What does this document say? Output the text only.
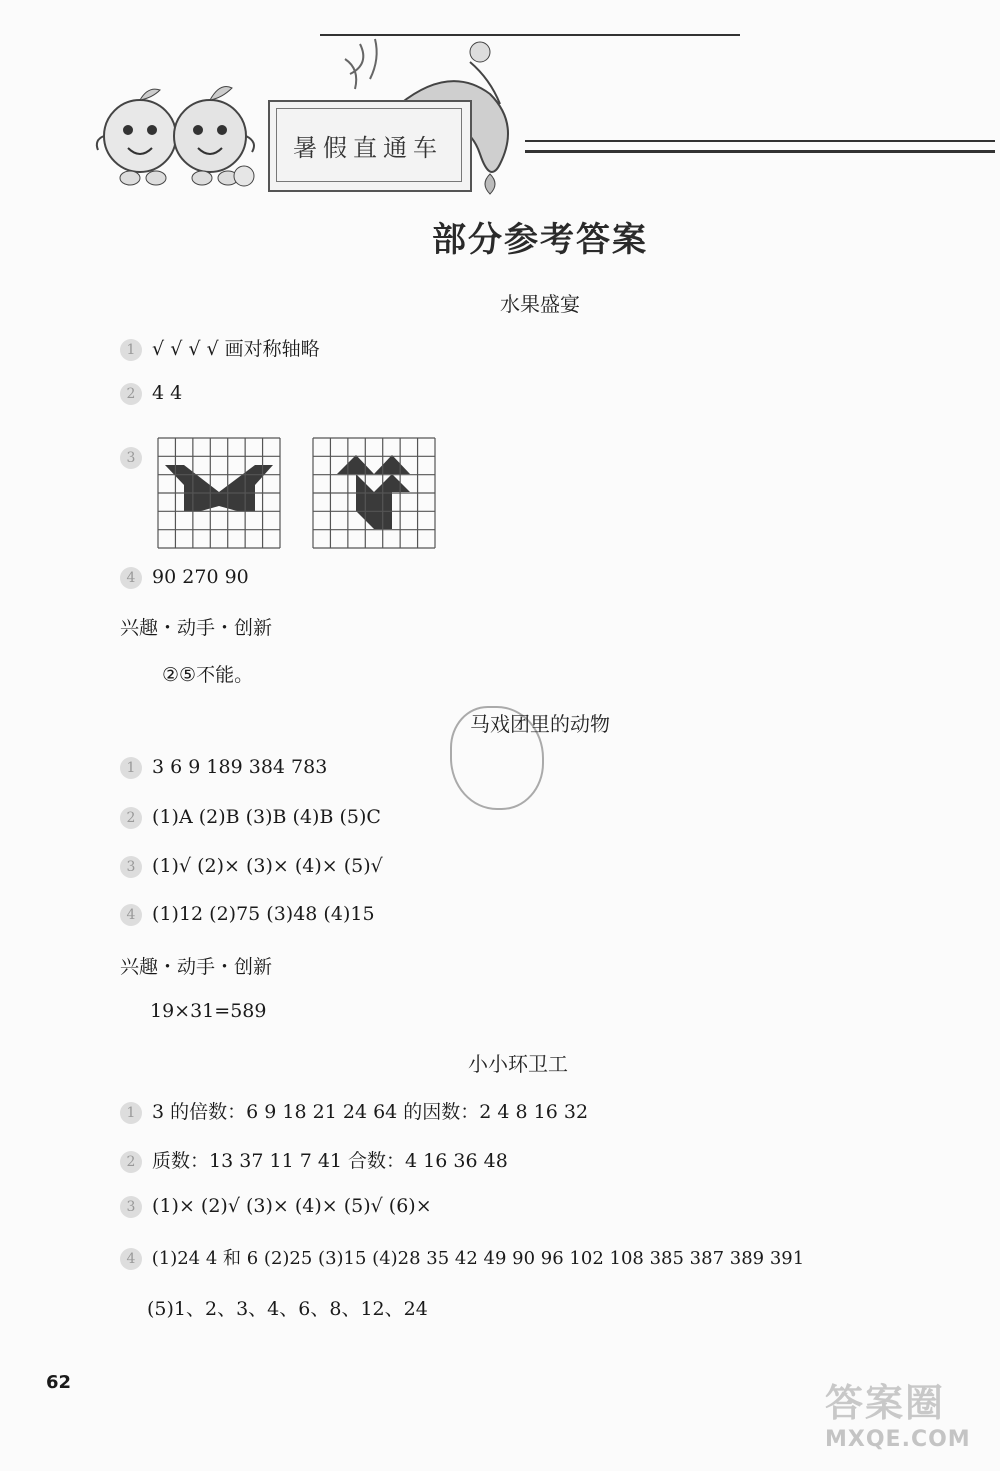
暑假直通车
部分参考答案
水果盛宴
1 √ √ √ √ 画对称轴略
2 4 4
3
4 90 270 90
兴趣・动手・创新
②⑤不能。
马戏团里的动物
1 3 6 9 189 384 783
2 (1)A (2)B (3)B (4)B (5)C
3 (1)√ (2)× (3)× (4)× (5)√
4 (1)12 (2)75 (3)48 (4)15
兴趣・动手・创新
19×31=589
小小环卫工
1 3 的倍数：6 9 18 21 24 64 的因数：2 4 8 16 32
2 质数：13 37 11 7 41 合数：4 16 36 48
3 (1)× (2)√ (3)× (4)× (5)√ (6)×
4 (1)24 4 和 6 (2)25 (3)15 (4)28 35 42 49 90 96 102 108 385 387 389 391
(5)1、2、3、4、6、8、12、24
62	答案圈
MXQE.COM
